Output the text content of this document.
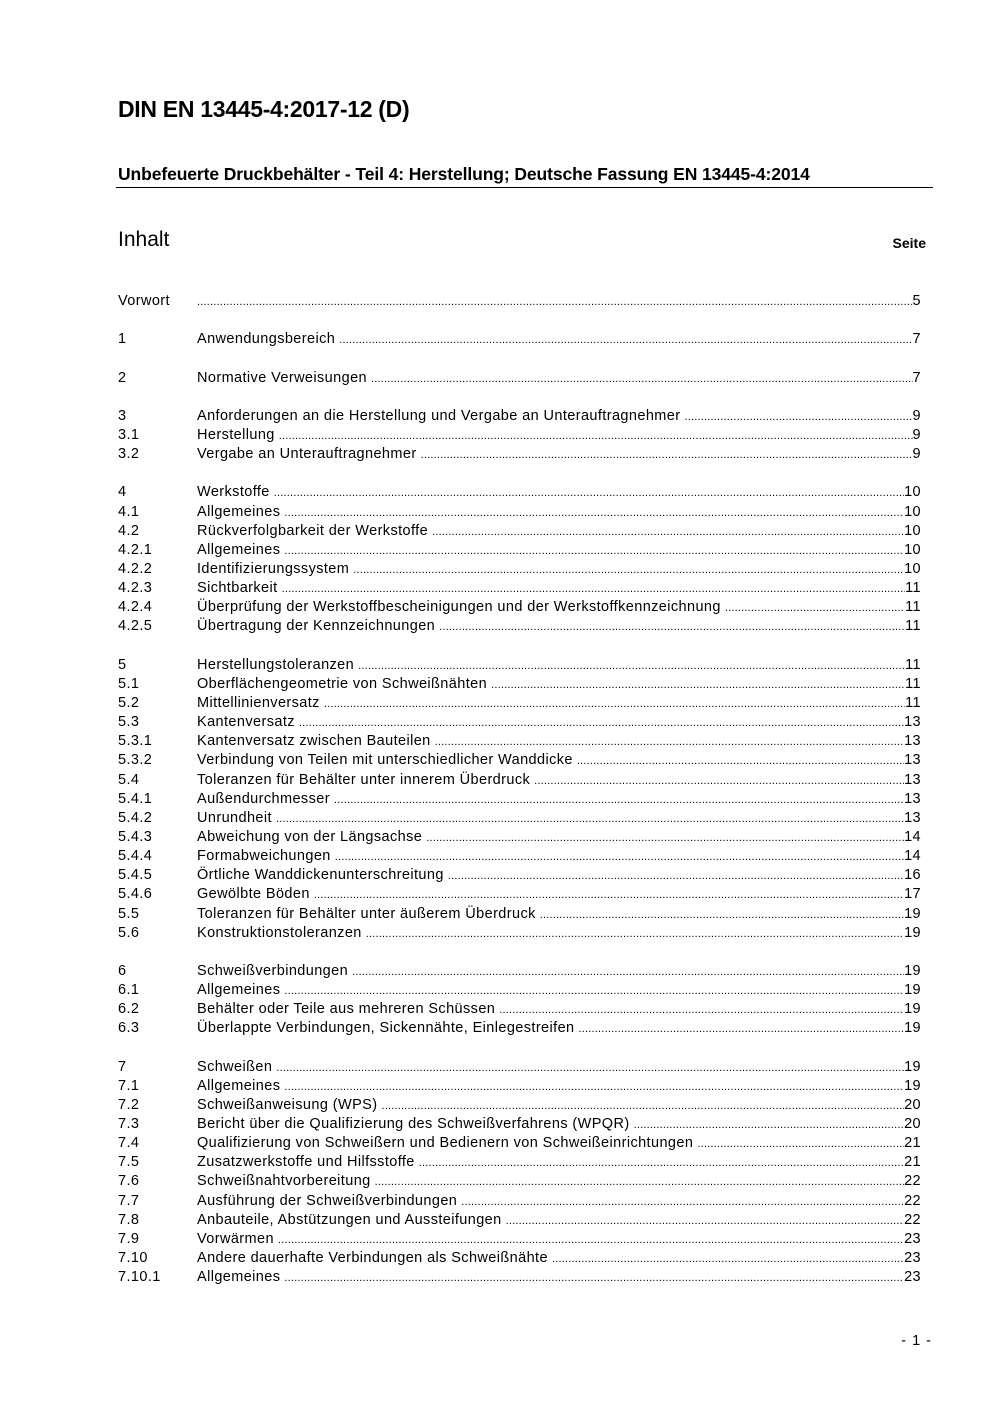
DIN EN 13445-4:2017-12 (D)
Unbefeuerte Druckbehälter - Teil 4: Herstellung; Deutsche Fassung EN 13445-4:2014
Inhalt	Seite
Vorwort .....	5
1	Anwendungsbereich .....	7
2	Normative Verweisungen .....	7
3	Anforderungen an die Herstellung und Vergabe an Unterauftragnehmer .....	9
3.1	Herstellung .....	9
3.2	Vergabe an Unterauftragnehmer .....	9
4	Werkstoffe .....	10
4.1	Allgemeines .....	10
4.2	Rückverfolgbarkeit der Werkstoffe .....	10
4.2.1	Allgemeines .....	10
4.2.2	Identifizierungssystem .....	10
4.2.3	Sichtbarkeit .....	11
4.2.4	Überprüfung der Werkstoffbescheinigungen und der Werkstoffkennzeichnung .....	11
4.2.5	Übertragung der Kennzeichnungen .....	11
5	Herstellungstoleranzen .....	11
5.1	Oberflächengeometrie von Schweißnähten .....	11
5.2	Mittellinienversatz .....	11
5.3	Kantenversatz .....	13
5.3.1	Kantenversatz zwischen Bauteilen .....	13
5.3.2	Verbindung von Teilen mit unterschiedlicher Wanddicke .....	13
5.4	Toleranzen für Behälter unter innerem Überdruck .....	13
5.4.1	Außendurchmesser .....	13
5.4.2	Unrundheit .....	13
5.4.3	Abweichung von der Längsachse .....	14
5.4.4	Formabweichungen .....	14
5.4.5	Örtliche Wanddickenunterschreitung .....	16
5.4.6	Gewölbte Böden .....	17
5.5	Toleranzen für Behälter unter äußerem Überdruck .....	19
5.6	Konstruktionstoleranzen .....	19
6	Schweißverbindungen .....	19
6.1	Allgemeines .....	19
6.2	Behälter oder Teile aus mehreren Schüssen .....	19
6.3	Überlappte Verbindungen, Sickennähte, Einlegestreifen .....	19
7	Schweißen .....	19
7.1	Allgemeines .....	19
7.2	Schweißanweisung (WPS) .....	20
7.3	Bericht über die Qualifizierung des Schweißverfahrens (WPQR) .....	20
7.4	Qualifizierung von Schweißern und Bedienern von Schweißeinrichtungen .....	21
7.5	Zusatzwerkstoffe und Hilfsstoffe .....	21
7.6	Schweißnahtvorbereitung .....	22
7.7	Ausführung der Schweißverbindungen .....	22
7.8	Anbauteile, Abstützungen und Aussteifungen .....	22
7.9	Vorwärmen .....	23
7.10	Andere dauerhafte Verbindungen als Schweißnähte .....	23
7.10.1	Allgemeines .....	23
- 1 -
